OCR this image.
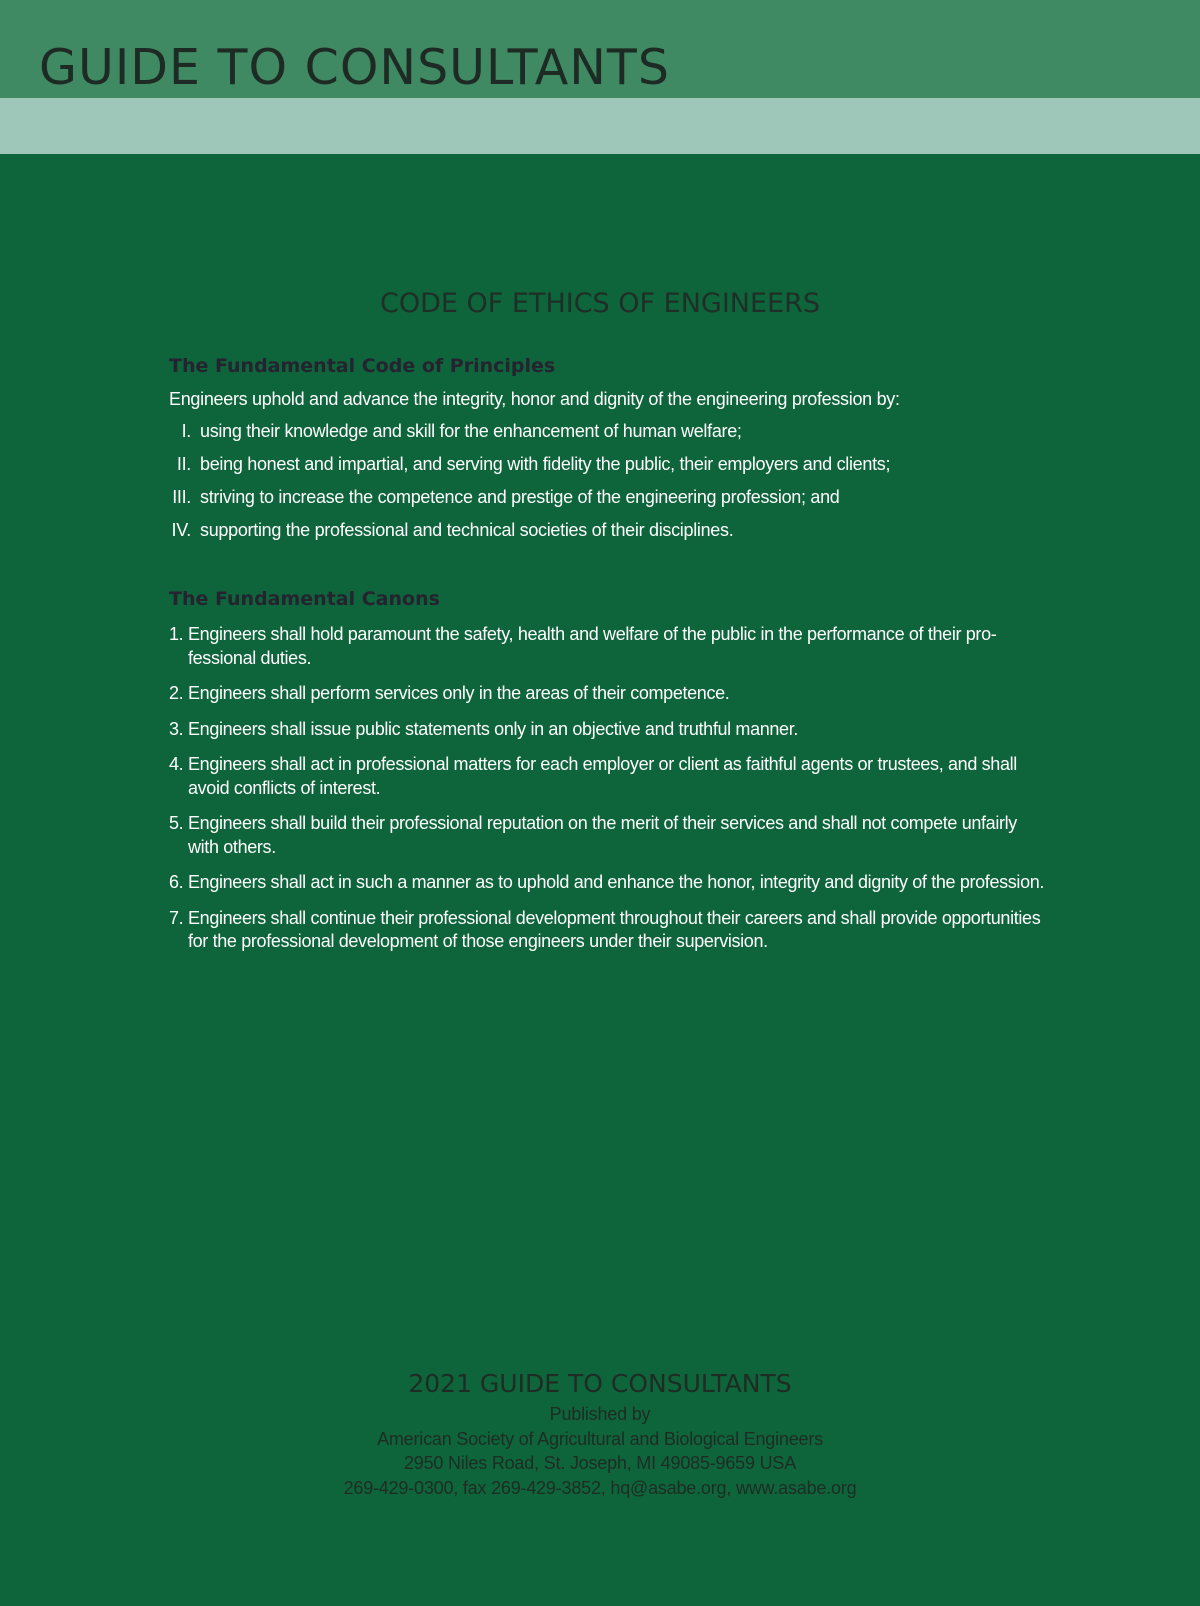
GUIDE TO CONSULTANTS
CODE OF ETHICS OF ENGINEERS
The Fundamental Code of Principles

Engineers uphold and advance the integrity, honor and dignity of the engineering profession by:

I. using their knowledge and skill for the enhancement of human welfare;
II. being honest and impartial, and serving with fidelity the public, their employers and clients;
III. striving to increase the competence and prestige of the engineering profession; and
IV. supporting the professional and technical societies of their disciplines.
The Fundamental Canons
1. Engineers shall hold paramount the safety, health and welfare of the public in the performance of their professional duties.
2. Engineers shall perform services only in the areas of their competence.
3. Engineers shall issue public statements only in an objective and truthful manner.
4. Engineers shall act in professional matters for each employer or client as faithful agents or trustees, and shall avoid conflicts of interest.
5. Engineers shall build their professional reputation on the merit of their services and shall not compete unfairly with others.
6. Engineers shall act in such a manner as to uphold and enhance the honor, integrity and dignity of the profession.
7. Engineers shall continue their professional development throughout their careers and shall provide opportunities for the professional development of those engineers under their supervision.

2021 GUIDE TO CONSULTANTS

Published by

American Society of Agricultural and Biological Engineers

2950 Niles Road, St. Joseph, MI 49085-9659 USA

269-429-0300, fax 269-429-3852, hq@asabe.org, www.asabe.org
